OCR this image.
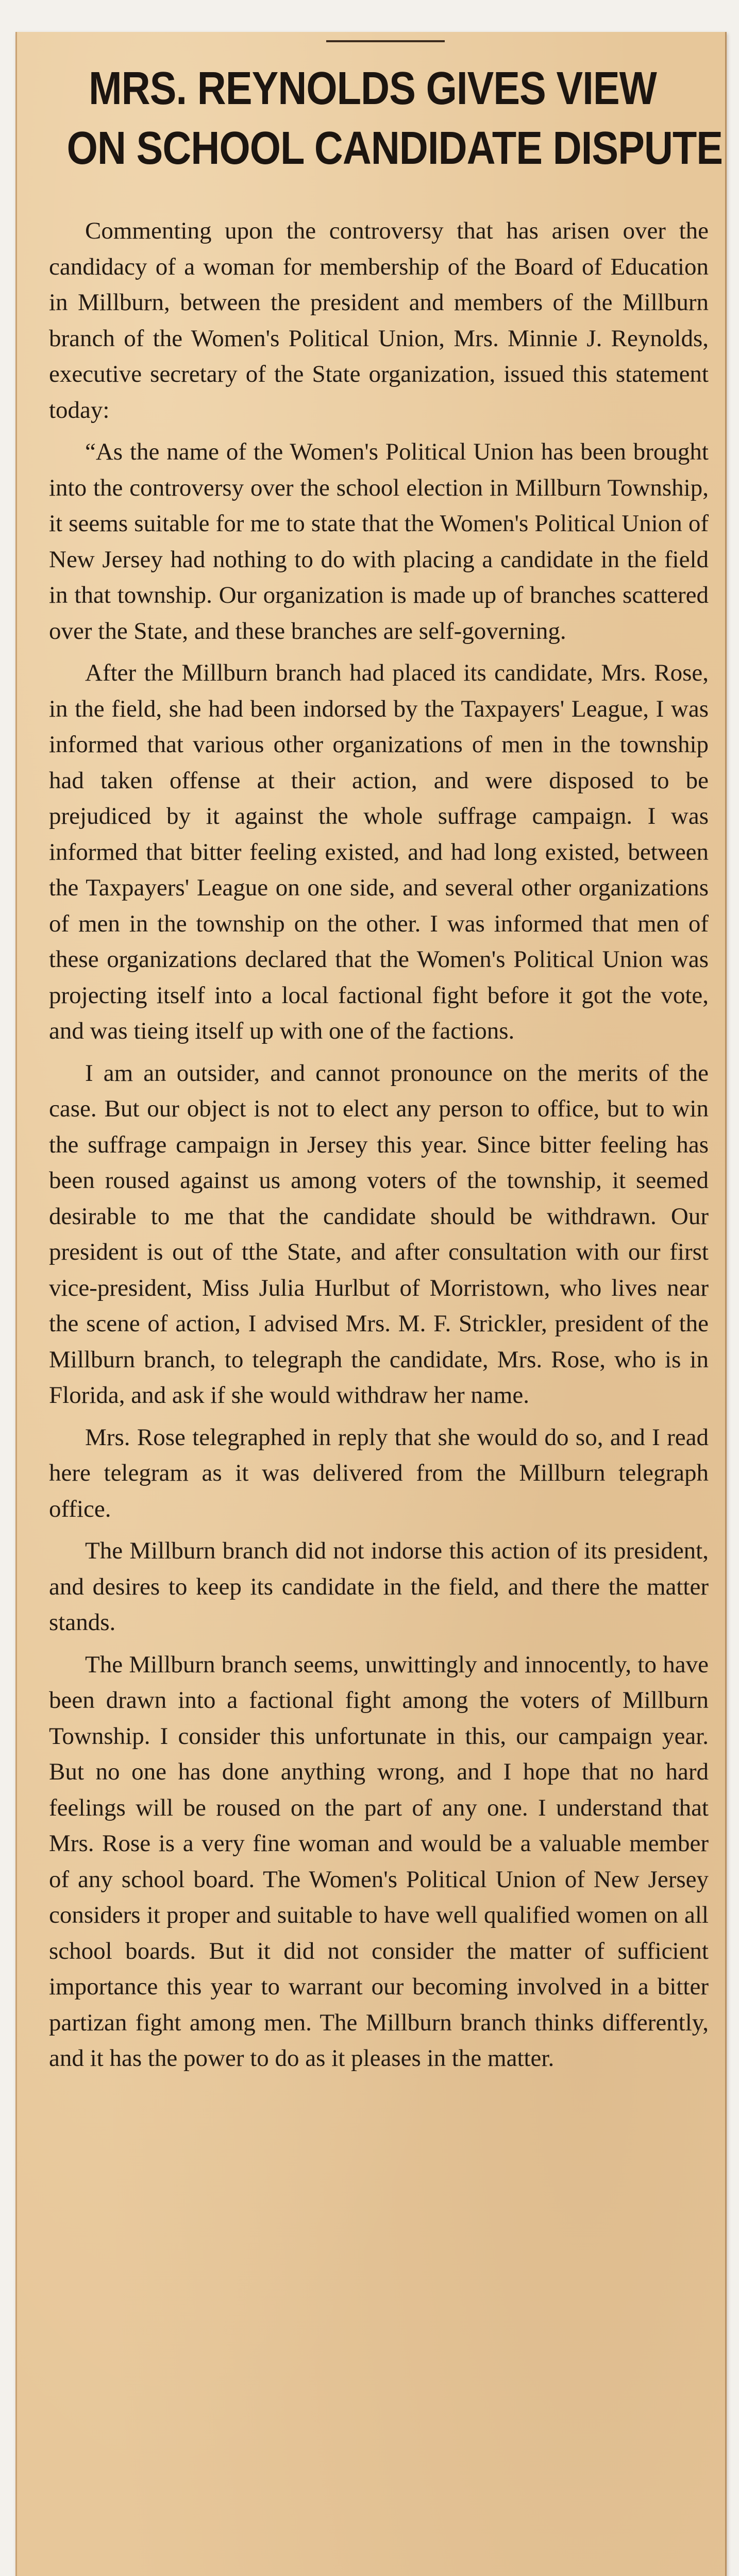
MRS. REYNOLDS GIVES VIEW
ON SCHOOL CANDIDATE DISPUTE

Commenting upon the controversy that has arisen over the candidacy of a woman for membership of the Board of Education in Millburn, between the president and members of the Millburn branch of the Women's Political Union, Mrs. Minnie J. Reynolds, executive secretary of the State organization, issued this statement today:

“As the name of the Women's Political Union has been brought into the controversy over the school election in Millburn Township, it seems suitable for me to state that the Women's Political Union of New Jersey had nothing to do with placing a candidate in the field in that township. Our organization is made up of branches scattered over the State, and these branches are self-governing.

After the Millburn branch had placed its candidate, Mrs. Rose, in the field, she had been indorsed by the Taxpayers' League, I was informed that various other organizations of men in the township had taken offense at their action, and were disposed to be prejudiced by it against the whole suffrage campaign. I was informed that bitter feeling existed, and had long existed, between the Taxpayers' League on one side, and several other organizations of men in the township on the other. I was informed that men of these organizations declared that the Women's Political Union was projecting itself into a local factional fight before it got the vote, and was tieing itself up with one of the factions.

I am an outsider, and cannot pronounce on the merits of the case. But our object is not to elect any person to office, but to win the suffrage campaign in Jersey this year. Since bitter feeling has been roused against us among voters of the township, it seemed desirable to me that the candidate should be withdrawn. Our president is out of tthe State, and after consultation with our first vice-president, Miss Julia Hurlbut of Morristown, who lives near the scene of action, I advised Mrs. M. F. Strickler, president of the Millburn branch, to telegraph the candidate, Mrs. Rose, who is in Florida, and ask if she would withdraw her name.

Mrs. Rose telegraphed in reply that she would do so, and I read here telegram as it was delivered from the Millburn telegraph office.

The Millburn branch did not indorse this action of its president, and desires to keep its candidate in the field, and there the matter stands.

The Millburn branch seems, unwittingly and innocently, to have been drawn into a factional fight among the voters of Millburn Township. I consider this unfortunate in this, our campaign year. But no one has done anything wrong, and I hope that no hard feelings will be roused on the part of any one. I understand that Mrs. Rose is a very fine woman and would be a valuable member of any school board. The Women's Political Union of New Jersey considers it proper and suitable to have well qualified women on all school boards. But it did not consider the matter of sufficient importance this year to warrant our becoming involved in a bitter partizan fight among men. The Millburn branch thinks differently, and it has the power to do as it pleases in the matter.
